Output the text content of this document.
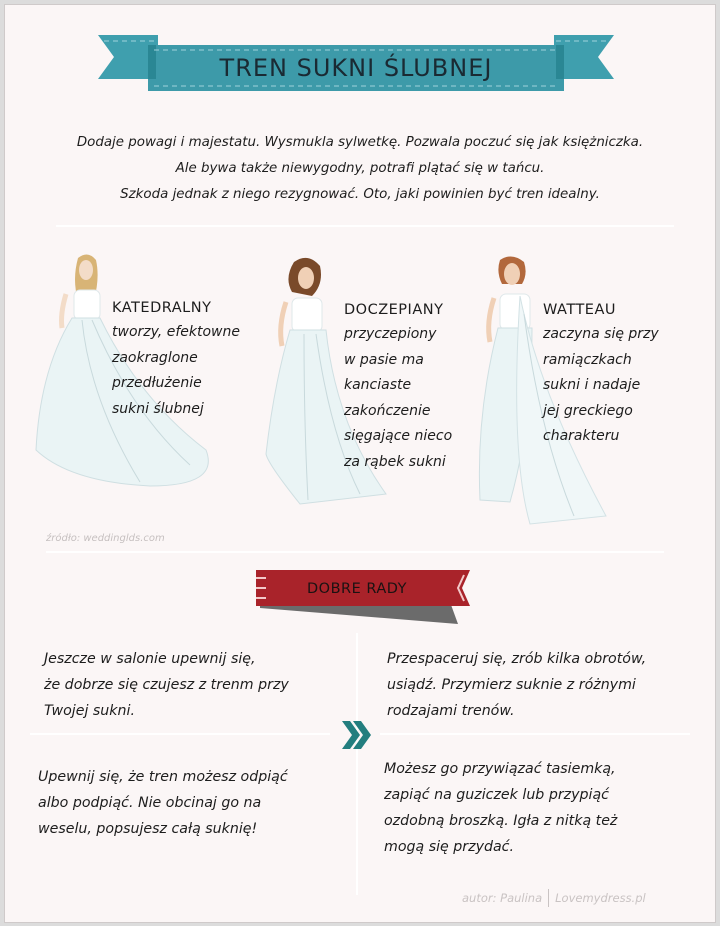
TREN SUKNI ŚLUBNEJ

Dodaje powagi i majestatu. Wysmukla sylwetkę. Pozwala poczuć się jak księżniczka.

Ale bywa także niewygodny, potrafi plątać się w tańcu.

Szkoda jednak z niego rezygnować. Oto, jaki powinien być tren idealny.

KATEDRALNY
tworzy, efektowne
zaokraglone
przedłużenie
sukni ślubnej
DOCZEPIANY
przyczepiony
w pasie ma
kanciaste
zakończenie
sięgające nieco
za rąbek sukni
WATTEAU
zaczyna się przy
ramiączkach
sukni i nadaje
jej greckiego
charakteru
źródło: weddinglds.com
DOBRE RADY

Jeszcze w salonie upewnij się,

że dobrze się czujesz z trenm przy

Twojej sukni.

Przespaceruj się, zrób kilka obrotów,

usiądź. Przymierz suknie z różnymi

rodzajami trenów.

Upewnij się, że tren możesz odpiąć

albo podpiąć. Nie obcinaj go na

weselu, popsujesz całą suknię!

Możesz go przywiązać tasiemką,

zapiąć na guziczek lub przypiąć

ozdobną broszką. Igła z nitką też

mogą się przydać.

autor: Paulina Lovemydress.pl
